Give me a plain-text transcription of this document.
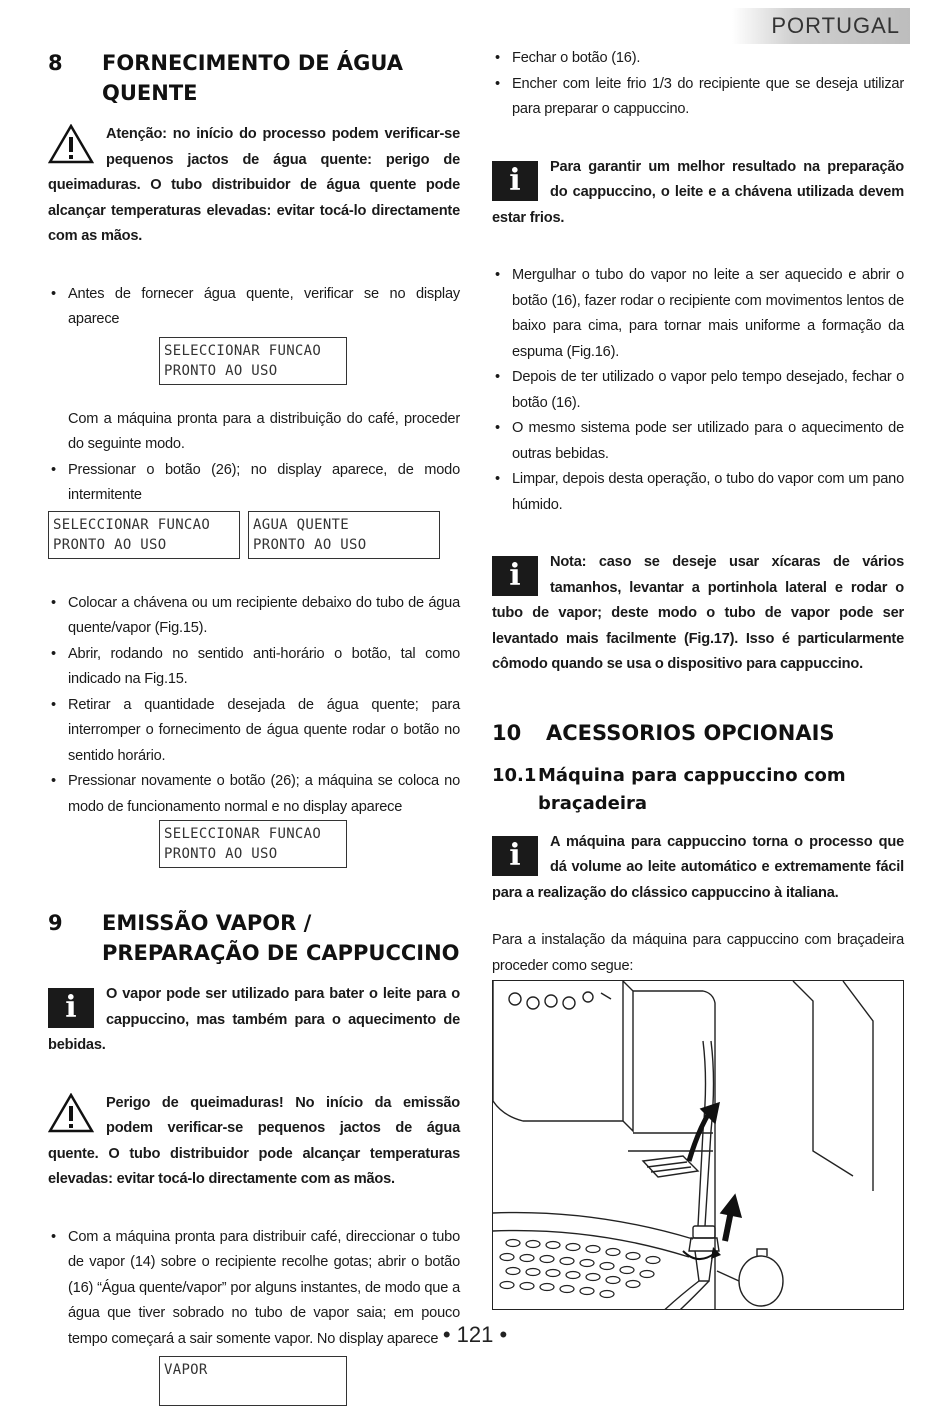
PORTUGAL
8	FORNECIMENTO DE ÁGUA QUENTE

Atenção: no início do processo podem verificar-se pequenos jactos de água quente: perigo de queimaduras. O tubo distribuidor de água quente pode alcançar temperaturas elevadas: evitar tocá-lo directamente com as mãos.

• Antes de fornecer água quente, verificar se no display aparece
SELECCIONAR FUNCAO
PRONTO AO USO

Com a máquina pronta para a distribuição do café, proceder do seguinte modo.

• Pressionar o botão (26); no display aparece, de modo intermitente
SELECCIONAR FUNCAO
PRONTO AO USO
AGUA QUENTE
PRONTO AO USO
• Colocar a chávena ou um recipiente debaixo do tubo de água quente/vapor (Fig.15).
• Abrir, rodando no sentido anti-horário o botão, tal como indicado na Fig.15.
• Retirar a quantidade desejada de água quente; para interromper o fornecimento de água quente rodar o botão no sentido horário.
• Pressionar novamente o botão (26); a máquina se coloca no modo de funcionamento normal e no display aparece
SELECCIONAR FUNCAO
PRONTO AO USO
9	EMISSÃO VAPOR / PREPARAÇÃO DE CAPPUCCINO
i	O vapor pode ser utilizado para bater o leite para o cappuccino, mas também para o aquecimento de bebidas.

Perigo de queimaduras! No início da emissão podem verificar-se pequenos jactos de água quente. O tubo distribuidor pode alcançar temperaturas elevadas: evitar tocá-lo directamente com as mãos.

• Com a máquina pronta para distribuir café, direccionar o tubo de vapor (14) sobre o recipiente recolhe gotas; abrir o botão (16) “Água quente/vapor” por alguns instantes, de modo que a água que tiver sobrado no tubo de vapor saia; em pouco tempo começará a sair somente vapor. No display aparece
VAPOR
• Fechar o botão (16).
• Encher com leite frio 1/3 do recipiente que se deseja utilizar para preparar o cappuccino.
i	Para garantir um melhor resultado na preparação do cappuccino, o leite e a chávena utilizada devem estar frios.

• Mergulhar o tubo do vapor no leite a ser aquecido e abrir o botão (16), fazer rodar o recipiente com movimentos lentos de baixo para cima, para tornar mais uniforme a formação da espuma (Fig.16).
• Depois de ter utilizado o vapor pelo tempo desejado, fechar o botão (16).
• O mesmo sistema pode ser utilizado para o aquecimento de outras bebidas.
• Limpar, depois desta operação, o tubo do vapor com um pano húmido.
i	Nota: caso se deseje usar xícaras de vários tamanhos, levantar a portinhola lateral e rodar o tubo de vapor; deste modo o tubo de vapor pode ser levantado mais facilmente (Fig.17). Isso é particularmente cômodo quando se usa o dispositivo para cappuccino.

10	ACESSORIOS OPCIONAIS
10.1 Máquina para cappuccino com braçadeira
i	A máquina para cappuccino torna o processo que dá volume ao leite automático e extremamente fácil para a realização do clássico cappuccino à italiana.

Para a instalação da máquina para cappuccino com braçadeira proceder como segue:

•
• 121 •
